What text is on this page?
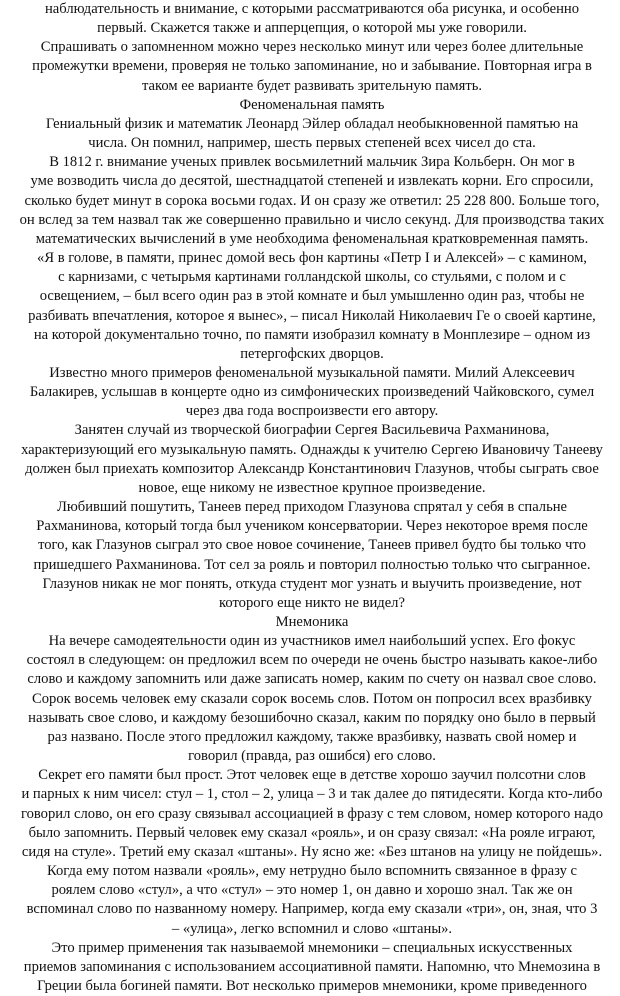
наблюдательность и внимание, с которыми рассматриваются оба рисунка, и особенно
первый. Скажется также и апперцепция, о которой мы уже говорили.
Спрашивать о запомненном можно через несколько минут или через более длительные
промежутки времени, проверяя не только запоминание, но и забывание. Повторная игра в
таком ее варианте будет развивать зрительную память.
Феноменальная память
Гениальный физик и математик Леонард Эйлер обладал необыкновенной памятью на
числа. Он помнил, например, шесть первых степеней всех чисел до ста.
В 1812 г. внимание ученых привлек восьмилетний мальчик Зира Кольберн. Он мог в
уме возводить числа до десятой, шестнадцатой степеней и извлекать корни. Его спросили,
сколько будет минут в сорока восьми годах. И он сразу же ответил: 25 228 800. Больше того,
он вслед за тем назвал так же совершенно правильно и число секунд. Для производства таких
математических вычислений в уме необходима феноменальная кратковременная память.
«Я в голове, в памяти, принес домой весь фон картины «Петр I и Алексей» – с камином,
с карнизами, с четырьмя картинами голландской школы, со стульями, с полом и с
освещением, – был всего один раз в этой комнате и был умышленно один раз, чтобы не
разбивать впечатления, которое я вынес», – писал Николай Николаевич Ге о своей картине,
на которой документально точно, по памяти изобразил комнату в Монплезире – одном из
петергофских дворцов.
Известно много примеров феноменальной музыкальной памяти. Милий Алексеевич
Балакирев, услышав в концерте одно из симфонических произведений Чайковского, сумел
через два года воспроизвести его автору.
Занятен случай из творческой биографии Сергея Васильевича Рахманинова,
характеризующий его музыкальную память. Однажды к учителю Сергею Ивановичу Танееву
должен был приехать композитор Александр Константинович Глазунов, чтобы сыграть свое
новое, еще никому не известное крупное произведение.
Любивший пошутить, Танеев перед приходом Глазунова спрятал у себя в спальне
Рахманинова, который тогда был учеником консерватории. Через некоторое время после
того, как Глазунов сыграл это свое новое сочинение, Танеев привел будто бы только что
пришедшего Рахманинова. Тот сел за рояль и повторил полностью только что сыгранное.
Глазунов никак не мог понять, откуда студент мог узнать и выучить произведение, нот
которого еще никто не видел?
Мнемоника
На вечере самодеятельности один из участников имел наибольший успех. Его фокус
состоял в следующем: он предложил всем по очереди не очень быстро называть какое-либо
слово и каждому запомнить или даже записать номер, каким по счету он назвал свое слово.
Сорок восемь человек ему сказали сорок восемь слов. Потом он попросил всех вразбивку
называть свое слово, и каждому безошибочно сказал, каким по порядку оно было в первый
раз названо. После этого предложил каждому, также вразбивку, назвать свой номер и
говорил (правда, раз ошибся) его слово.
Секрет его памяти был прост. Этот человек еще в детстве хорошо заучил полсотни слов
и парных к ним чисел: стул – 1, стол – 2, улица – 3 и так далее до пятидесяти. Когда кто-либо
говорил слово, он его сразу связывал ассоциацией в фразу с тем словом, номер которого надо
было запомнить. Первый человек ему сказал «рояль», и он сразу связал: «На рояле играют,
сидя на стуле». Третий ему сказал «штаны». Ну ясно же: «Без штанов на улицу не пойдешь».
Когда ему потом назвали «рояль», ему нетрудно было вспомнить связанное в фразу с
роялем слово «стул», а что «стул» – это номер 1, он давно и хорошо знал. Так же он
вспоминал слово по названному номеру. Например, когда ему сказали «три», он, зная, что 3
– «улица», легко вспомнил и слово «штаны».
Это пример применения так называемой мнемоники – специальных искусственных
приемов запоминания с использованием ассоциативной памяти. Напомню, что Мнемозина в
Греции была богиней памяти. Вот несколько примеров мнемоники, кроме приведенного
